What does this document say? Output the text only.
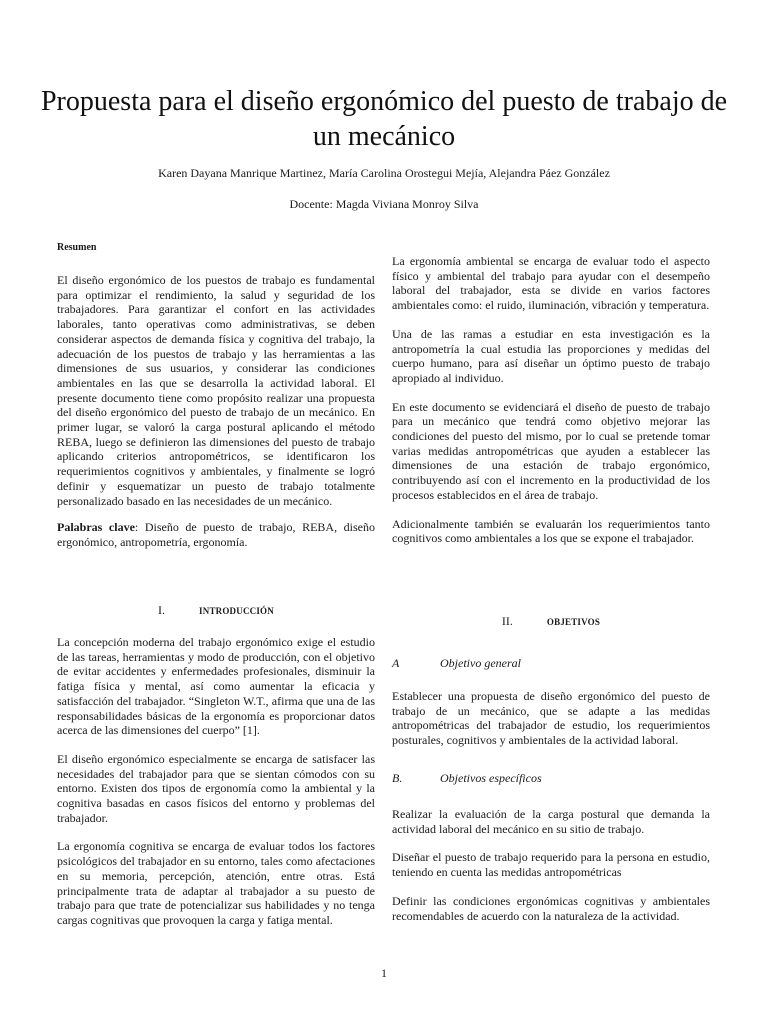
Propuesta para el diseño ergonómico del puesto de trabajo de un mecánico
Karen Dayana Manrique Martinez, María Carolina Orostegui Mejía, Alejandra Páez González
Docente: Magda Viviana Monroy Silva
Resumen

El diseño ergonómico de los puestos de trabajo es fundamental para optimizar el rendimiento, la salud y seguridad de los trabajadores. Para garantizar el confort en las actividades laborales, tanto operativas como administrativas, se deben considerar aspectos de demanda física y cognitiva del trabajo, la adecuación de los puestos de trabajo y las herramientas a las dimensiones de sus usuarios, y considerar las condiciones ambientales en las que se desarrolla la actividad laboral. El presente documento tiene como propósito realizar una propuesta del diseño ergonómico del puesto de trabajo de un mecánico. En primer lugar, se valoró la carga postural aplicando el método REBA, luego se definieron las dimensiones del puesto de trabajo aplicando criterios antropométricos, se identificaron los requerimientos cognitivos y ambientales, y finalmente se logró definir y esquematizar un puesto de trabajo totalmente personalizado basado en las necesidades de un mecánico.

Palabras clave: Diseño de puesto de trabajo, REBA, diseño ergonómico, antropometría, ergonomía.

I.	INTRODUCCIÓN

La concepción moderna del trabajo ergonómico exige el estudio de las tareas, herramientas y modo de producción, con el objetivo de evitar accidentes y enfermedades profesionales, disminuir la fatiga física y mental, así como aumentar la eficacia y satisfacción del trabajador. “Singleton W.T., afirma que una de las responsabilidades básicas de la ergonomía es proporcionar datos acerca de las dimensiones del cuerpo” [1].

El diseño ergonómico especialmente se encarga de satisfacer las necesidades del trabajador para que se sientan cómodos con su entorno. Existen dos tipos de ergonomía como la ambiental y la cognitiva basadas en casos físicos del entorno y problemas del trabajador.

La ergonomía cognitiva se encarga de evaluar todos los factores psicológicos del trabajador en su entorno, tales como afectaciones en su memoria, percepción, atención, entre otras. Está principalmente trata de adaptar al trabajador a su puesto de trabajo para que trate de potencializar sus habilidades y no tenga cargas cognitivas que provoquen la carga y fatiga mental.

La ergonomía ambiental se encarga de evaluar todo el aspecto físico y ambiental del trabajo para ayudar con el desempeño laboral del trabajador, esta se divide en varios factores ambientales como: el ruido, iluminación, vibración y temperatura.

Una de las ramas a estudiar en esta investigación es la antropometría la cual estudia las proporciones y medidas del cuerpo humano, para así diseñar un óptimo puesto de trabajo apropiado al individuo.

En este documento se evidenciará el diseño de puesto de trabajo para un mecánico que tendrá como objetivo mejorar las condiciones del puesto del mismo, por lo cual se pretende tomar varias medidas antropométricas que ayuden a establecer las dimensiones de una estación de trabajo ergonómico, contribuyendo así con el incremento en la productividad de los procesos establecidos en el área de trabajo.

Adicionalmente también se evaluarán los requerimientos tanto cognitivos como ambientales a los que se expone el trabajador.

II.	OBJETIVOS
A	Objetivo general

Establecer una propuesta de diseño ergonómico del puesto de trabajo de un mecánico, que se adapte a las medidas antropométricas del trabajador de estudio, los requerimientos posturales, cognitivos y ambientales de la actividad laboral.

B.	Objetivos específicos

Realizar la evaluación de la carga postural que demanda la actividad laboral del mecánico en su sitio de trabajo.

Diseñar el puesto de trabajo requerido para la persona en estudio, teniendo en cuenta las medidas antropométricas

Definir las condiciones ergonómicas cognitivas y ambientales recomendables de acuerdo con la naturaleza de la actividad.

1
